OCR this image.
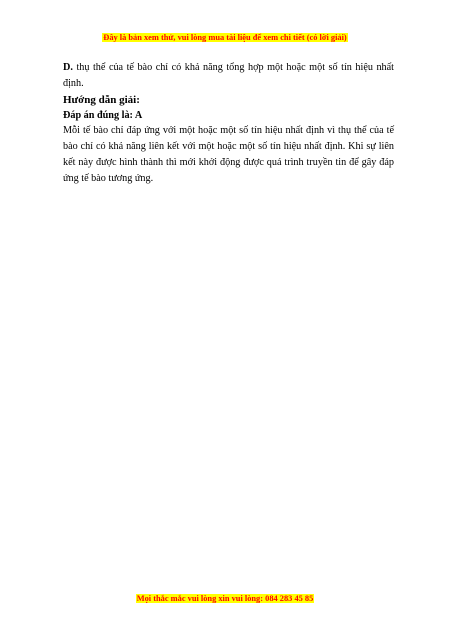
Đây là bản xem thử, vui lòng mua tài liệu để xem chi tiết (có lời giải)

D. thụ thể của tế bào chỉ có khả năng tổng hợp một hoặc một số tín hiệu nhất định.

Hướng dẫn giải:

Đáp án đúng là: A

Mỗi tế bào chỉ đáp ứng với một hoặc một số tín hiệu nhất định vì thụ thể của tế bào chỉ có khả năng liên kết với một hoặc một số tín hiệu nhất định. Khi sự liên kết này được hình thành thì mới khởi động được quá trình truyền tin để gây đáp ứng tế bào tương ứng.

Mọi thắc mắc vui lòng xin vui lòng: 084 283 45 85
